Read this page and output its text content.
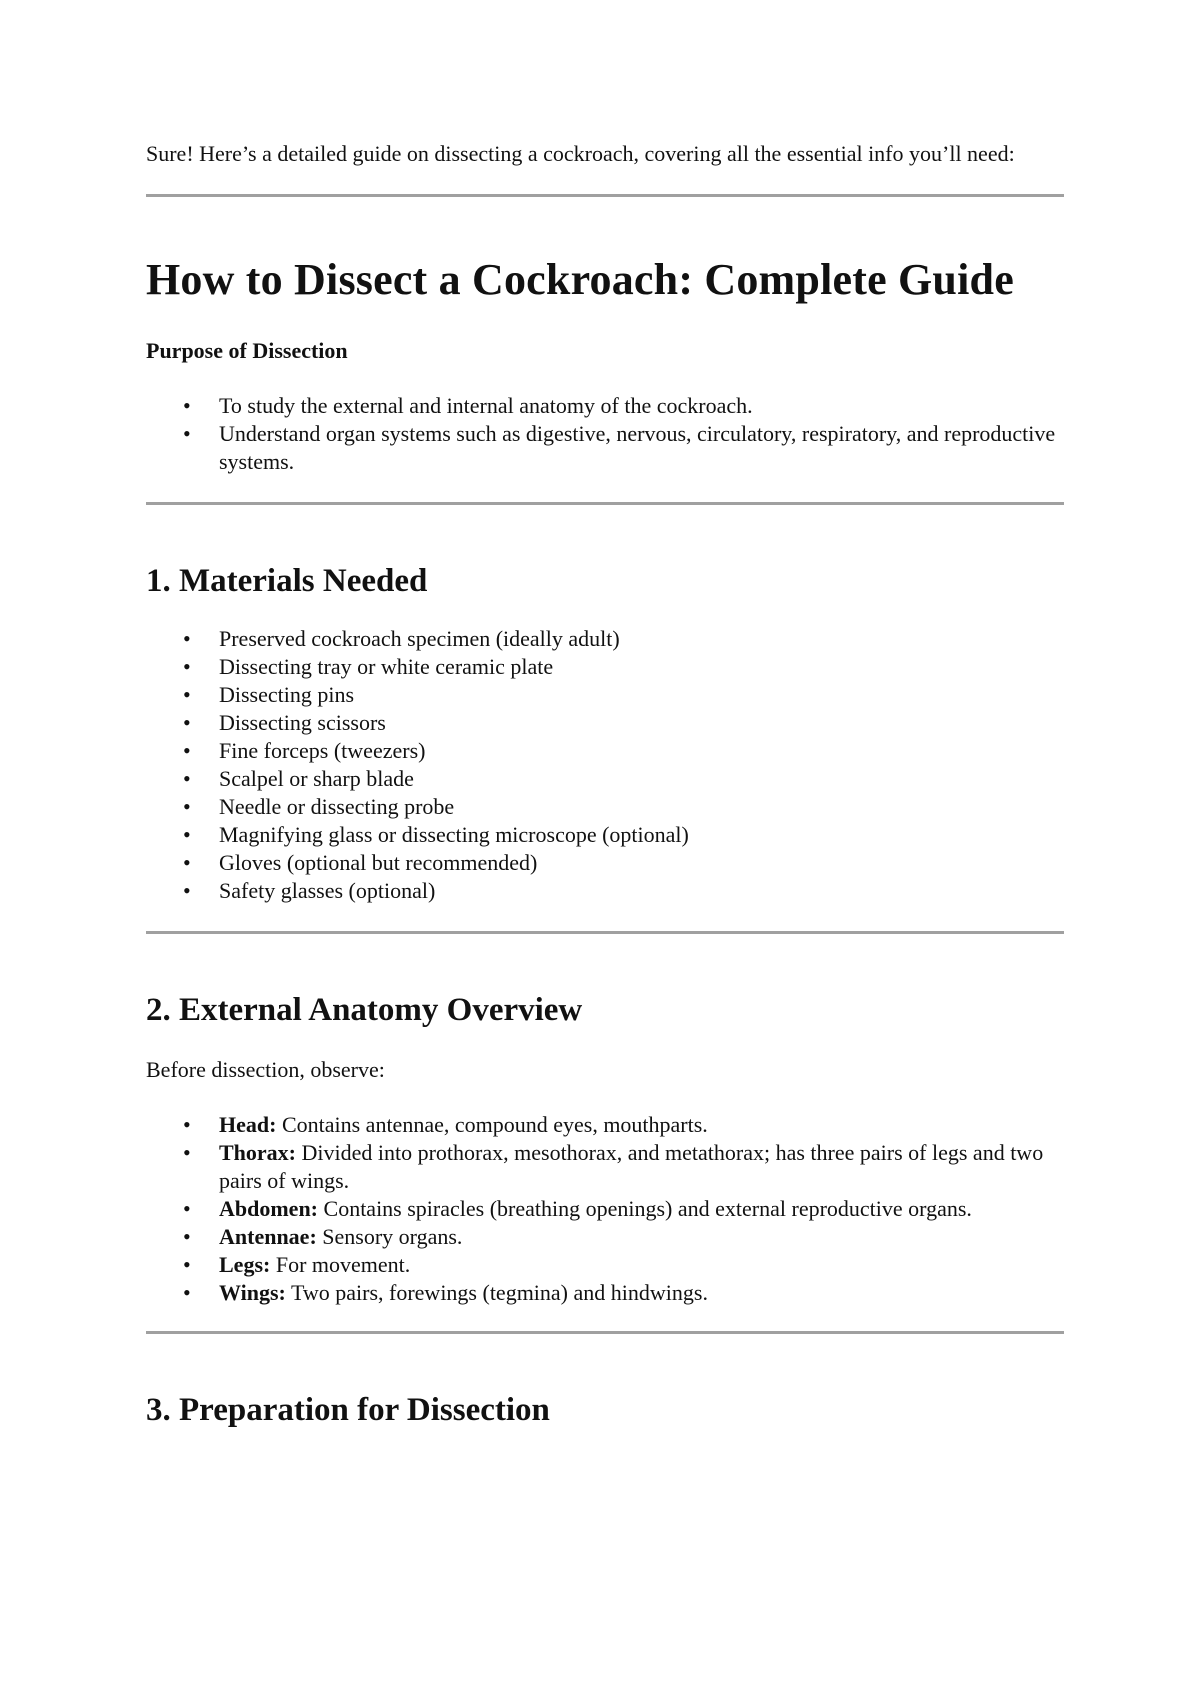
Sure! Here’s a detailed guide on dissecting a cockroach, covering all the essential info you’ll need:

How to Dissect a Cockroach: Complete Guide

Purpose of Dissection

• To study the external and internal anatomy of the cockroach.
• Understand organ systems such as digestive, nervous, circulatory, respiratory, and reproductive systems.
1. Materials Needed
• Preserved cockroach specimen (ideally adult)
• Dissecting tray or white ceramic plate
• Dissecting pins
• Dissecting scissors
• Fine forceps (tweezers)
• Scalpel or sharp blade
• Needle or dissecting probe
• Magnifying glass or dissecting microscope (optional)
• Gloves (optional but recommended)
• Safety glasses (optional)
2. External Anatomy Overview

Before dissection, observe:

• Head: Contains antennae, compound eyes, mouthparts.
• Thorax: Divided into prothorax, mesothorax, and metathorax; has three pairs of legs and two pairs of wings.
• Abdomen: Contains spiracles (breathing openings) and external reproductive organs.
• Antennae: Sensory organs.
• Legs: For movement.
• Wings: Two pairs, forewings (tegmina) and hindwings.
3. Preparation for Dissection
